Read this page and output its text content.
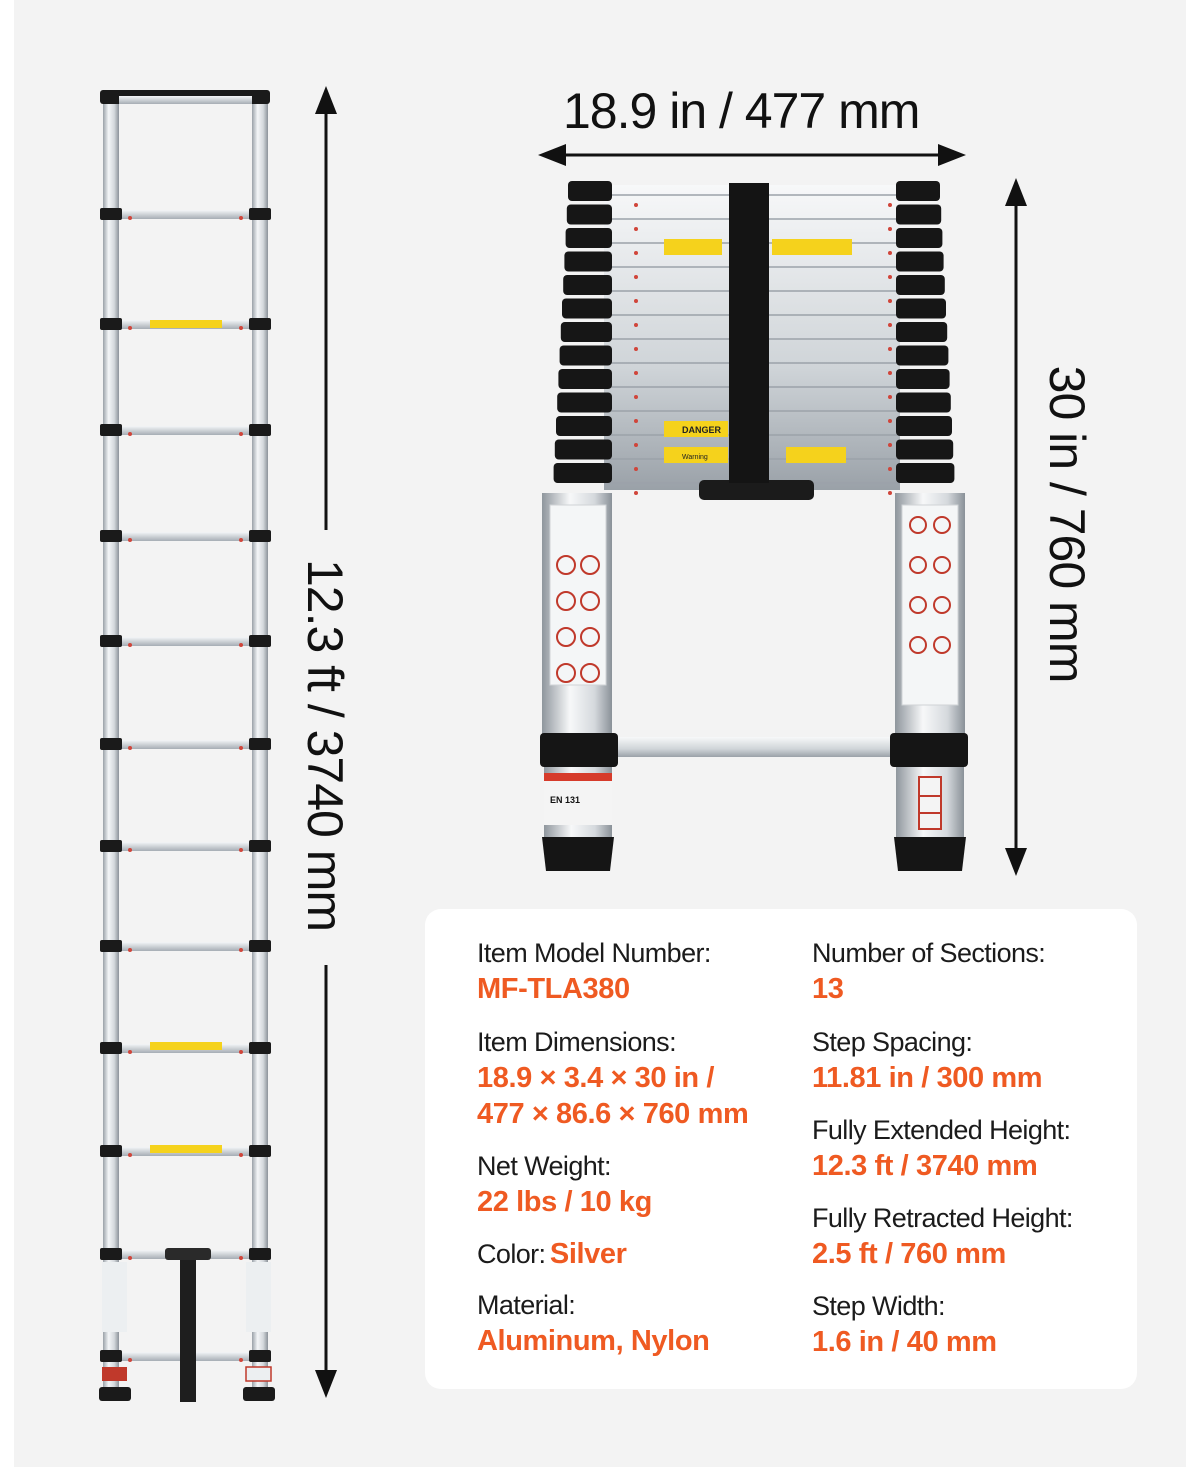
12.3 ft / 3740 mm
18.9 in / 477 mm
EN 131
DANGER
Warning	30 in / 760 mm
Item Model Number:
MF-TLA380
Item Dimensions:
18.9 × 3.4 × 30 in /
477 × 86.6 × 760 mm
Net Weight:
22 lbs / 10 kg
Color: Silver
Material:
Aluminum, Nylon
Number of Sections:
13
Step Spacing:
11.81 in / 300 mm
Fully Extended Height:
12.3 ft / 3740 mm
Fully Retracted Height:
2.5 ft / 760 mm
Step Width:
1.6 in / 40 mm
